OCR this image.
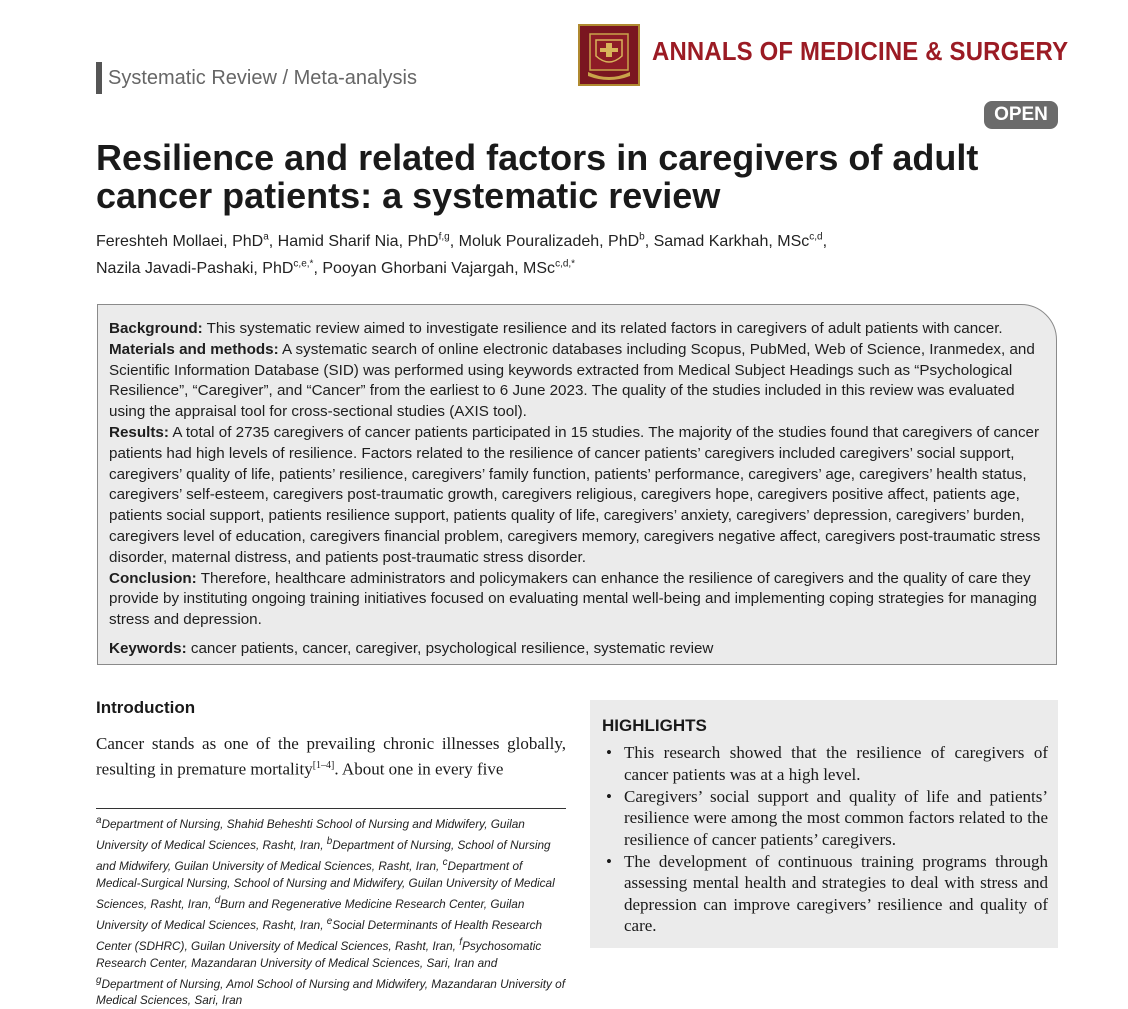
Systematic Review / Meta-analysis
ANNALS OF MEDICINE & SURGERY
OPEN
Resilience and related factors in caregivers of adult cancer patients: a systematic review
Fereshteh Mollaei, PhD$^a$, Hamid Sharif Nia, PhD$^{f,g}$, Moluk Pouralizadeh, PhD$^b$, Samad Karkhah, MSc$^{c,d}$,
Nazila Javadi-Pashaki, PhD$^{c,e,*}$, Pooyan Ghorbani Vajargah, MSc$^{c,d,*}$
Background: This systematic review aimed to investigate resilience and its related factors in caregivers of adult patients with cancer.
Materials and methods: A systematic search of online electronic databases including Scopus, PubMed, Web of Science, Iranmedex, and Scientific Information Database (SID) was performed using keywords extracted from Medical Subject Headings such as “Psychological Resilience”, “Caregiver”, and “Cancer” from the earliest to 6 June 2023. The quality of the studies included in this review was evaluated using the appraisal tool for cross-sectional studies (AXIS tool).
Results: A total of 2735 caregivers of cancer patients participated in 15 studies. The majority of the studies found that caregivers of cancer patients had high levels of resilience. Factors related to the resilience of cancer patients’ caregivers included caregivers’ social support, caregivers’ quality of life, patients’ resilience, caregivers’ family function, patients’ performance, caregivers’ age, caregivers’ health status, caregivers’ self-esteem, caregivers post-traumatic growth, caregivers religious, caregivers hope, caregivers positive affect, patients age, patients social support, patients resilience support, patients quality of life, caregivers’ anxiety, caregivers’ depression, caregivers’ burden, caregivers level of education, caregivers financial problem, caregivers memory, caregivers negative affect, caregivers post-traumatic stress disorder, maternal distress, and patients post-traumatic stress disorder.
Conclusion: Therefore, healthcare administrators and policymakers can enhance the resilience of caregivers and the quality of care they provide by instituting ongoing training initiatives focused on evaluating mental well-being and implementing coping strategies for managing stress and depression.
Keywords: cancer patients, cancer, caregiver, psychological resilience, systematic review
Introduction
Cancer stands as one of the prevailing chronic illnesses globally, resulting in premature mortality[1–4]. About one in every five
$^a$Department of Nursing, Shahid Beheshti School of Nursing and Midwifery, Guilan University of Medical Sciences, Rasht, Iran, $^b$Department of Nursing, School of Nursing and Midwifery, Guilan University of Medical Sciences, Rasht, Iran, $^c$Department of Medical-Surgical Nursing, School of Nursing and Midwifery, Guilan University of Medical Sciences, Rasht, Iran, $^d$Burn and Regenerative Medicine Research Center, Guilan University of Medical Sciences, Rasht, Iran, $^e$Social Determinants of Health Research Center (SDHRC), Guilan University of Medical Sciences, Rasht, Iran, $^f$Psychosomatic Research Center, Mazandaran University of Medical Sciences, Sari, Iran and $^g$Department of Nursing, Amol School of Nursing and Midwifery, Mazandaran University of Medical Sciences, Sari, Iran
HIGHLIGHTS
• This research showed that the resilience of caregivers of cancer patients was at a high level.
• Caregivers’ social support and quality of life and patients’ resilience were among the most common factors related to the resilience of cancer patients’ caregivers.
• The development of continuous training programs through assessing mental health and strategies to deal with stress and depression can improve caregivers’ resilience and quality of care.
